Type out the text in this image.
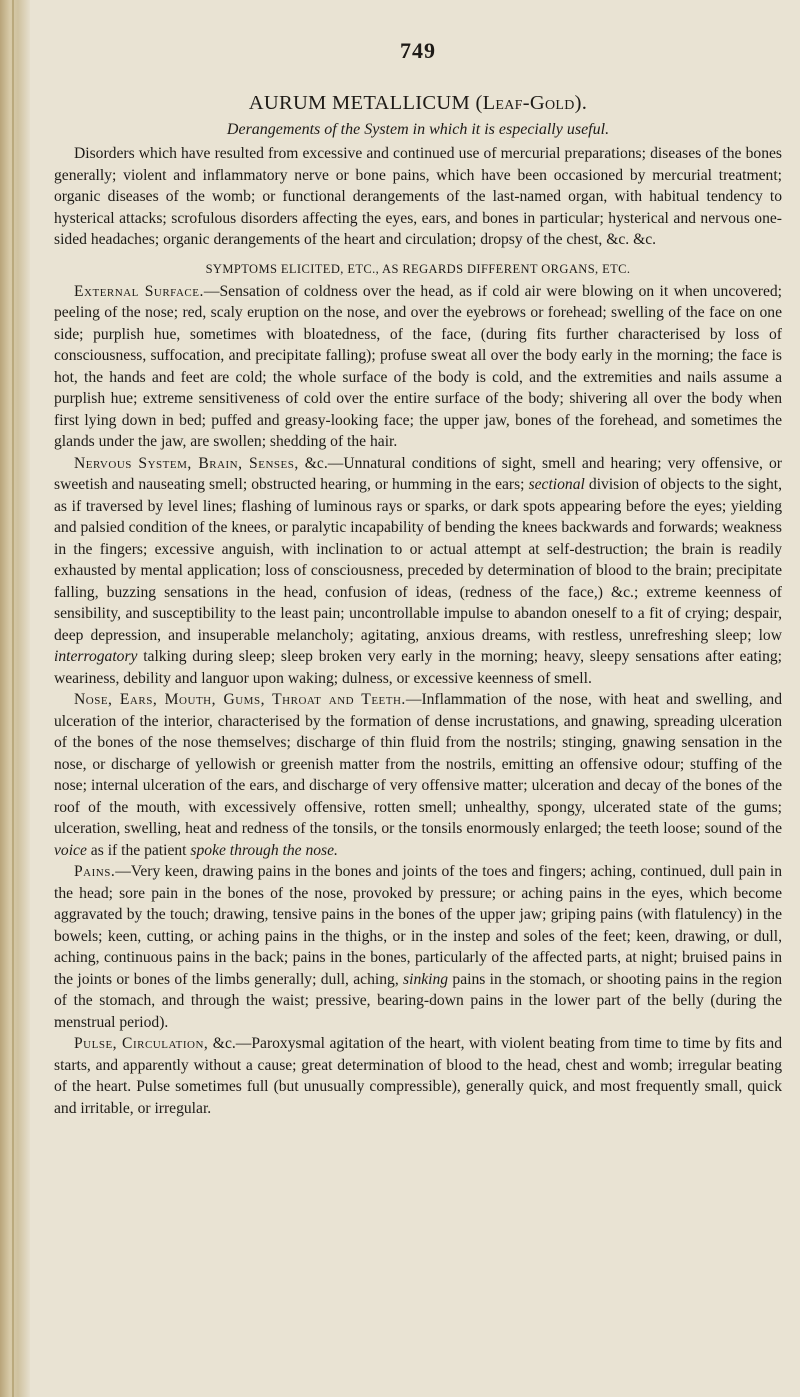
749
AURUM METALLICUM (Leaf-Gold).
Derangements of the System in which it is especially useful.

Disorders which have resulted from excessive and continued use of mercurial preparations; diseases of the bones generally; violent and inflammatory nerve or bone pains, which have been occasioned by mercurial treatment; organic diseases of the womb; or functional derangements of the last-named organ, with habitual tendency to hysterical attacks; scrofulous disorders affecting the eyes, ears, and bones in particular; hysterical and nervous one-sided headaches; organic derangements of the heart and circulation; dropsy of the chest, &c. &c.

SYMPTOMS ELICITED, ETC., AS REGARDS DIFFERENT ORGANS, ETC.

External Surface.—Sensation of coldness over the head, as if cold air were blowing on it when uncovered; peeling of the nose; red, scaly eruption on the nose, and over the eyebrows or forehead; swelling of the face on one side; purplish hue, sometimes with bloatedness, of the face, (during fits further characterised by loss of consciousness, suffocation, and precipitate falling); profuse sweat all over the body early in the morning; the face is hot, the hands and feet are cold; the whole surface of the body is cold, and the extremities and nails assume a purplish hue; extreme sensitiveness of cold over the entire surface of the body; shivering all over the body when first lying down in bed; puffed and greasy-looking face; the upper jaw, bones of the forehead, and sometimes the glands under the jaw, are swollen; shedding of the hair.

Nervous System, Brain, Senses, &c.—Unnatural conditions of sight, smell and hearing; very offensive, or sweetish and nauseating smell; obstructed hearing, or humming in the ears; sectional division of objects to the sight, as if traversed by level lines; flashing of luminous rays or sparks, or dark spots appearing before the eyes; yielding and palsied condition of the knees, or paralytic incapability of bending the knees backwards and forwards; weakness in the fingers; excessive anguish, with inclination to or actual attempt at self-destruction; the brain is readily exhausted by mental application; loss of consciousness, preceded by determination of blood to the brain; precipitate falling, buzzing sensations in the head, confusion of ideas, (redness of the face,) &c.; extreme keenness of sensibility, and susceptibility to the least pain; uncontrollable impulse to abandon oneself to a fit of crying; despair, deep depression, and insuperable melancholy; agitating, anxious dreams, with restless, unrefreshing sleep; low interrogatory talking during sleep; sleep broken very early in the morning; heavy, sleepy sensations after eating; weariness, debility and languor upon waking; dulness, or excessive keenness of smell.

Nose, Ears, Mouth, Gums, Throat and Teeth.—Inflammation of the nose, with heat and swelling, and ulceration of the interior, characterised by the formation of dense incrustations, and gnawing, spreading ulceration of the bones of the nose themselves; discharge of thin fluid from the nostrils; stinging, gnawing sensation in the nose, or discharge of yellowish or greenish matter from the nostrils, emitting an offensive odour; stuffing of the nose; internal ulceration of the ears, and discharge of very offensive matter; ulceration and decay of the bones of the roof of the mouth, with excessively offensive, rotten smell; unhealthy, spongy, ulcerated state of the gums; ulceration, swelling, heat and redness of the tonsils, or the tonsils enormously enlarged; the teeth loose; sound of the voice as if the patient spoke through the nose.

Pains.—Very keen, drawing pains in the bones and joints of the toes and fingers; aching, continued, dull pain in the head; sore pain in the bones of the nose, provoked by pressure; or aching pains in the eyes, which become aggravated by the touch; drawing, tensive pains in the bones of the upper jaw; griping pains (with flatulency) in the bowels; keen, cutting, or aching pains in the thighs, or in the instep and soles of the feet; keen, drawing, or dull, aching, continuous pains in the back; pains in the bones, particularly of the affected parts, at night; bruised pains in the joints or bones of the limbs generally; dull, aching, sinking pains in the stomach, or shooting pains in the region of the stomach, and through the waist; pressive, bearing-down pains in the lower part of the belly (during the menstrual period).

Pulse, Circulation, &c.—Paroxysmal agitation of the heart, with violent beating from time to time by fits and starts, and apparently without a cause; great determination of blood to the head, chest and womb; irregular beating of the heart. Pulse sometimes full (but unusually compressible), generally quick, and most frequently small, quick and irritable, or irregular.
